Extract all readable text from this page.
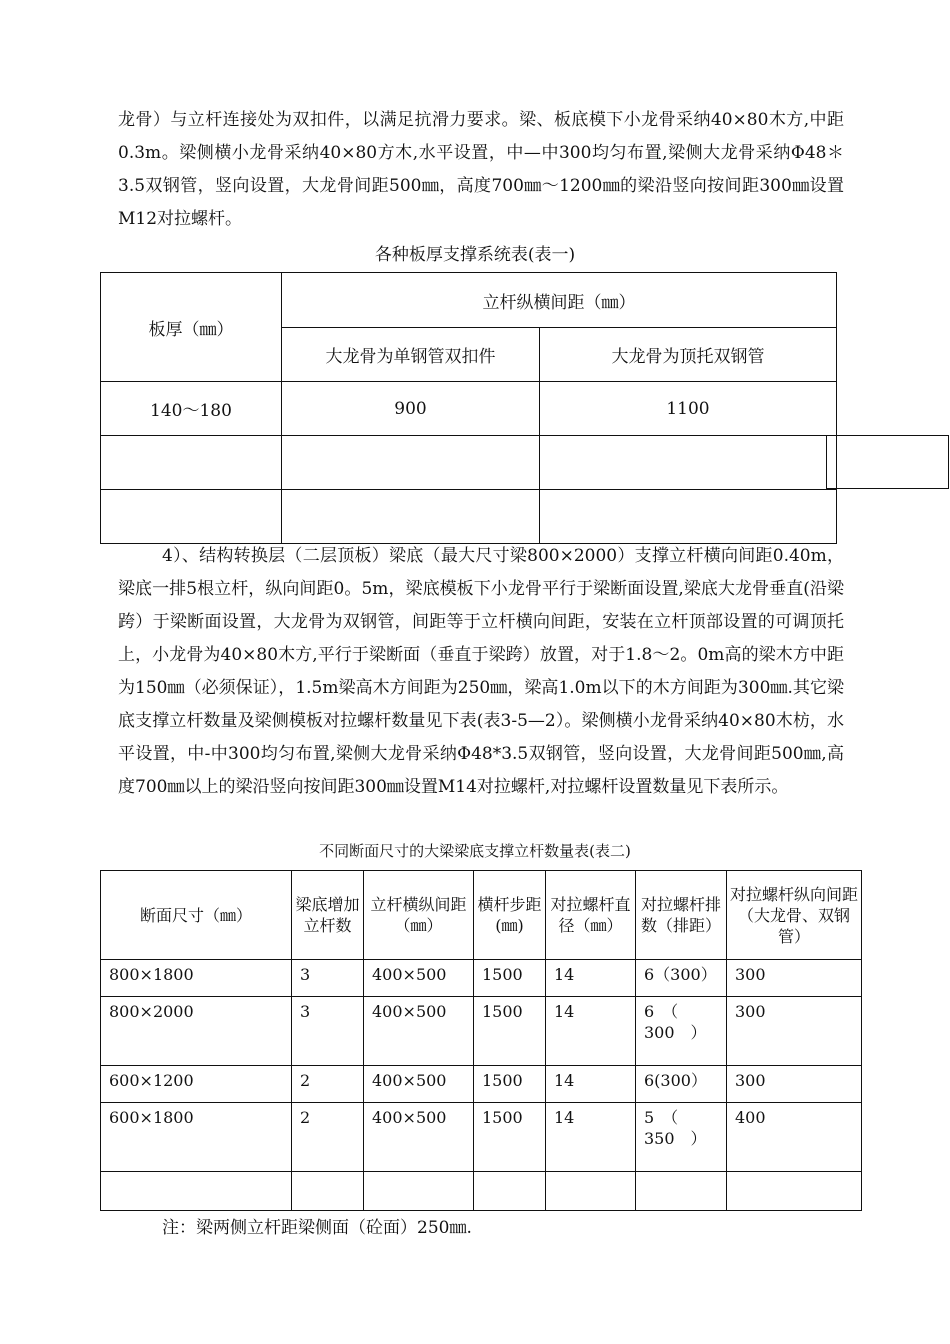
龙骨）与立杆连接处为双扣件，以满足抗滑力要求。梁、板底模下小龙骨采纳40×80木方,中距0.3m。梁侧横小龙骨采纳40×80方木,水平设置，中—中300均匀布置,梁侧大龙骨采纳Φ48＊3.5双钢管，竖向设置，大龙骨间距500㎜，高度700㎜～1200㎜的梁沿竖向按间距300㎜设置M12对拉螺杆。

各种板厚支撑系统表(表一)

板厚（㎜）	立杆纵横间距（㎜）	
	大龙骨为单钢管双扣件	大龙骨为顶托双钢管
140～180	900	1100

4）、结构转换层（二层顶板）梁底（最大尺寸梁800×2000）支撑立杆横向间距0.40m，梁底一排5根立杆，纵向间距0。5m，梁底模板下小龙骨平行于梁断面设置,梁底大龙骨垂直(沿梁跨）于梁断面设置，大龙骨为双钢管，间距等于立杆横向间距，安装在立杆顶部设置的可调顶托上，小龙骨为40×80木方,平行于梁断面（垂直于梁跨）放置，对于1.8～2。0m高的梁木方中距为150㎜（必须保证），1.5m梁高木方间距为250㎜，梁高1.0m以下的木方间距为300㎜.其它梁底支撑立杆数量及梁侧模板对拉螺杆数量见下表(表3-5—2）。梁侧横小龙骨采纳40×80木枋，水平设置，中-中300均匀布置,梁侧大龙骨采纳Φ48*3.5双钢管，竖向设置，大龙骨间距500㎜,高度700㎜以上的梁沿竖向按间距300㎜设置M14对拉螺杆,对拉螺杆设置数量见下表所示。

不同断面尺寸的大梁梁底支撑立杆数量表(表二)

断面尺寸（㎜）	梁底增加立杆数	立杆横纵间距（㎜）	横杆步距(㎜)	对拉螺杆直径（㎜）	对拉螺杆排数（排距）	对拉螺杆纵向间距（大龙骨、双钢管）
800×1800	3	400×500	1500	14	6（300）	300
800×2000	3	400×500	1500	14	6　（　300　）	300
600×1200	2	400×500	1500	14	6(300）	300
600×1800	2	400×500	1500	14	5　（　350　）	400

注：梁两侧立杆距梁侧面（砼面）250㎜.
